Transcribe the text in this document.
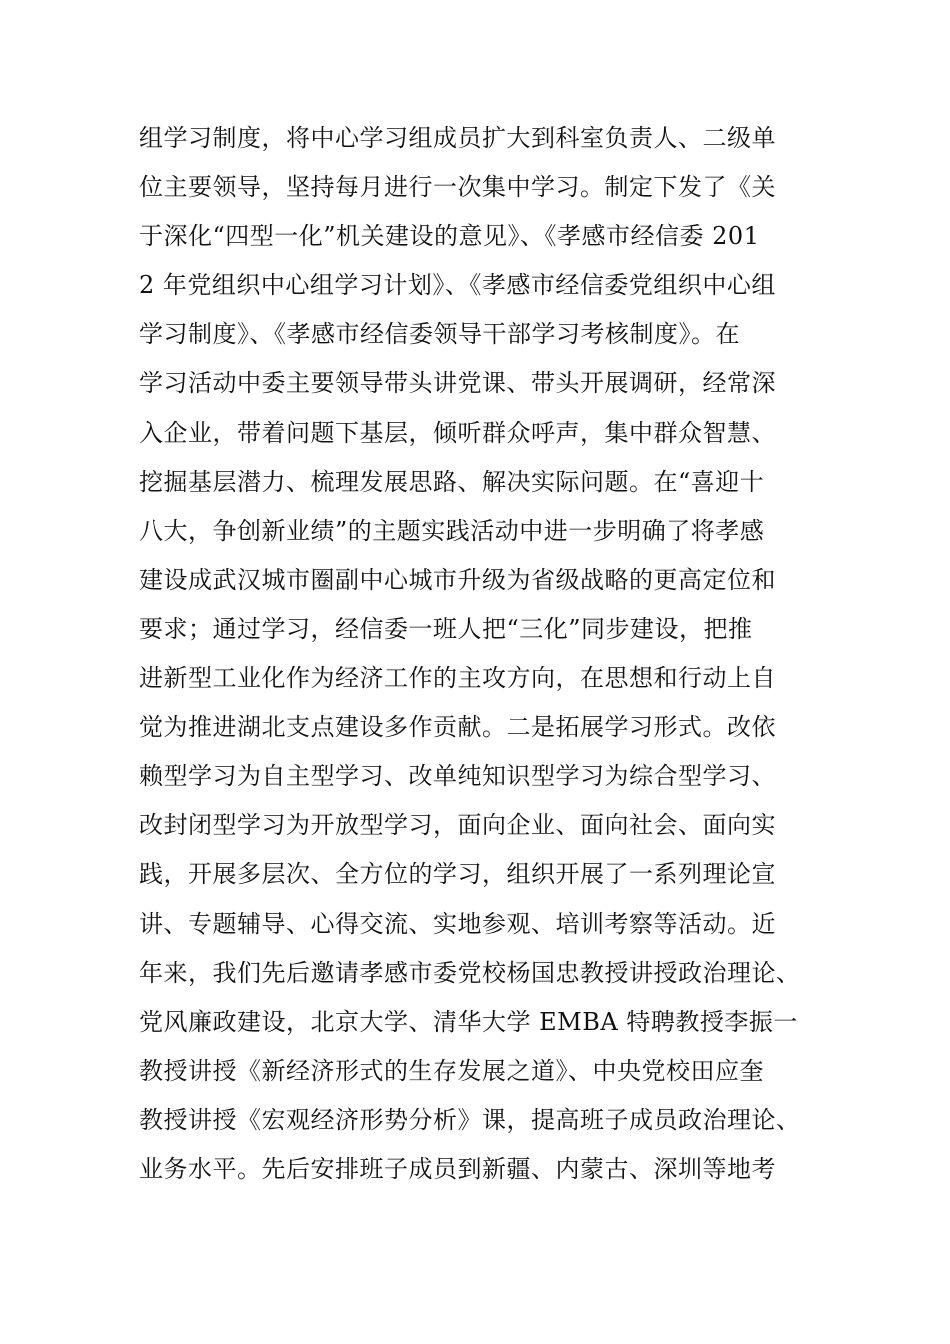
组学习制度，将中心学习组成员扩大到科室负责人、二级单
位主要领导，坚持每月进行一次集中学习。制定下发了《关
于深化“四型一化”机关建设的意见》、《孝感市经信委 201
2 年党组织中心组学习计划》、《孝感市经信委党组织中心组
学习制度》、《孝感市经信委领导干部学习考核制度》。在
学习活动中委主要领导带头讲党课、带头开展调研，经常深
入企业，带着问题下基层，倾听群众呼声，集中群众智慧、
挖掘基层潜力、梳理发展思路、解决实际问题。在“喜迎十
八大，争创新业绩”的主题实践活动中进一步明确了将孝感
建设成武汉城市圈副中心城市升级为省级战略的更高定位和
要求；通过学习，经信委一班人把“三化”同步建设，把推
进新型工业化作为经济工作的主攻方向，在思想和行动上自
觉为推进湖北支点建设多作贡献。二是拓展学习形式。改依
赖型学习为自主型学习、改单纯知识型学习为综合型学习、
改封闭型学习为开放型学习，面向企业、面向社会、面向实
践，开展多层次、全方位的学习，组织开展了一系列理论宣
讲、专题辅导、心得交流、实地参观、培训考察等活动。近
年来，我们先后邀请孝感市委党校杨国忠教授讲授政治理论、
党风廉政建设，北京大学、清华大学 EMBA 特聘教授李振一
教授讲授《新经济形式的生存发展之道》、中央党校田应奎
教授讲授《宏观经济形势分析》课，提高班子成员政治理论、
业务水平。先后安排班子成员到新疆、内蒙古、深圳等地考
